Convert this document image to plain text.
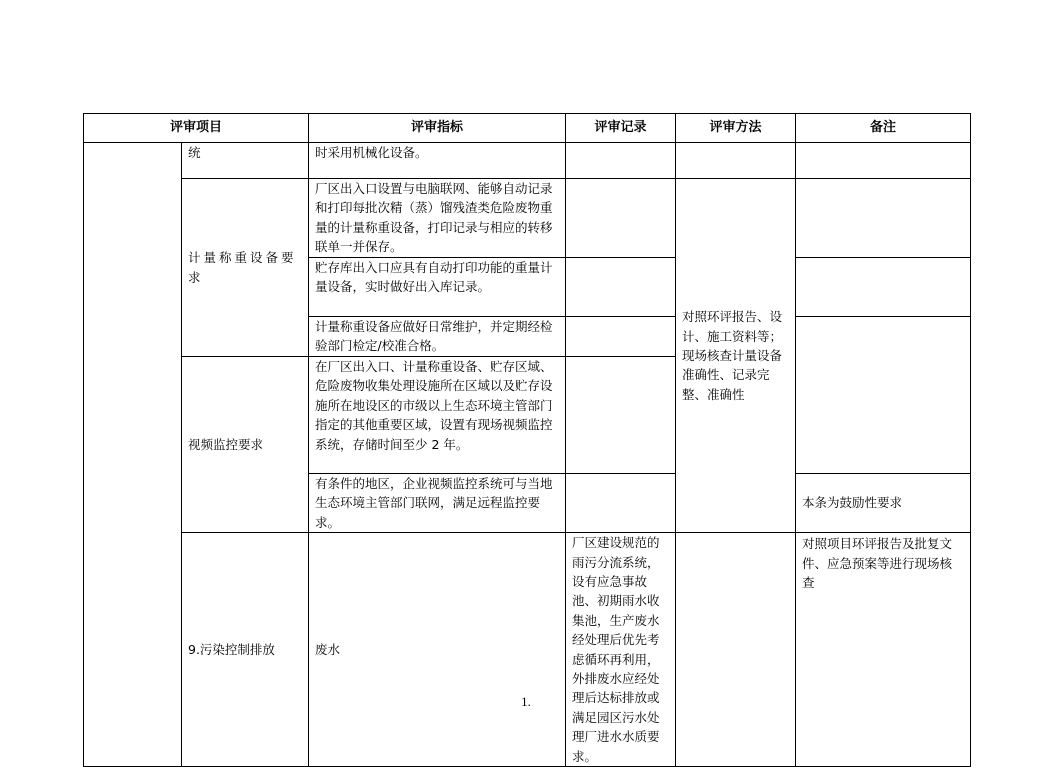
评审项目		评审指标	评审记录	评审方法	备注	
	统	时采用机械化设备。				
	计量称重设备要求	厂区出入口设置与电脑联网、能够自动记录和打印每批次精（蒸）馏残渣类危险废物重量的计量称重设备，打印记录与相应的转移联单一并保存。		对照环评报告、设计、施工资料等；现场核查计量设备准确性、记录完整、准确性		
		贮存库出入口应具有自动打印功能的重量计量设备，实时做好出入库记录。				
		计量称重设备应做好日常维护，并定期经检验部门检定/校准合格。				
	视频监控要求	在厂区出入口、计量称重设备、贮存区域、危险废物收集处理设施所在区域以及贮存设施所在地设区的市级以上生态环境主管部门指定的其他重要区域，设置有现场视频监控系统，存储时间至少 2 年。				
		有条件的地区，企业视频监控系统可与当地生态环境主管部门联网，满足远程监控要求。			本条为鼓励性要求	
	9.污染控制排放	废水	厂区建设规范的雨污分流系统，设有应急事故池、初期雨水收集池，生产废水经处理后优先考虑循环再利用，外排废水应经处理后达标排放或满足园区污水处理厂进水水质要求。		对照项目环评报告及批复文件、应急预案等进行现场核查	
1.
